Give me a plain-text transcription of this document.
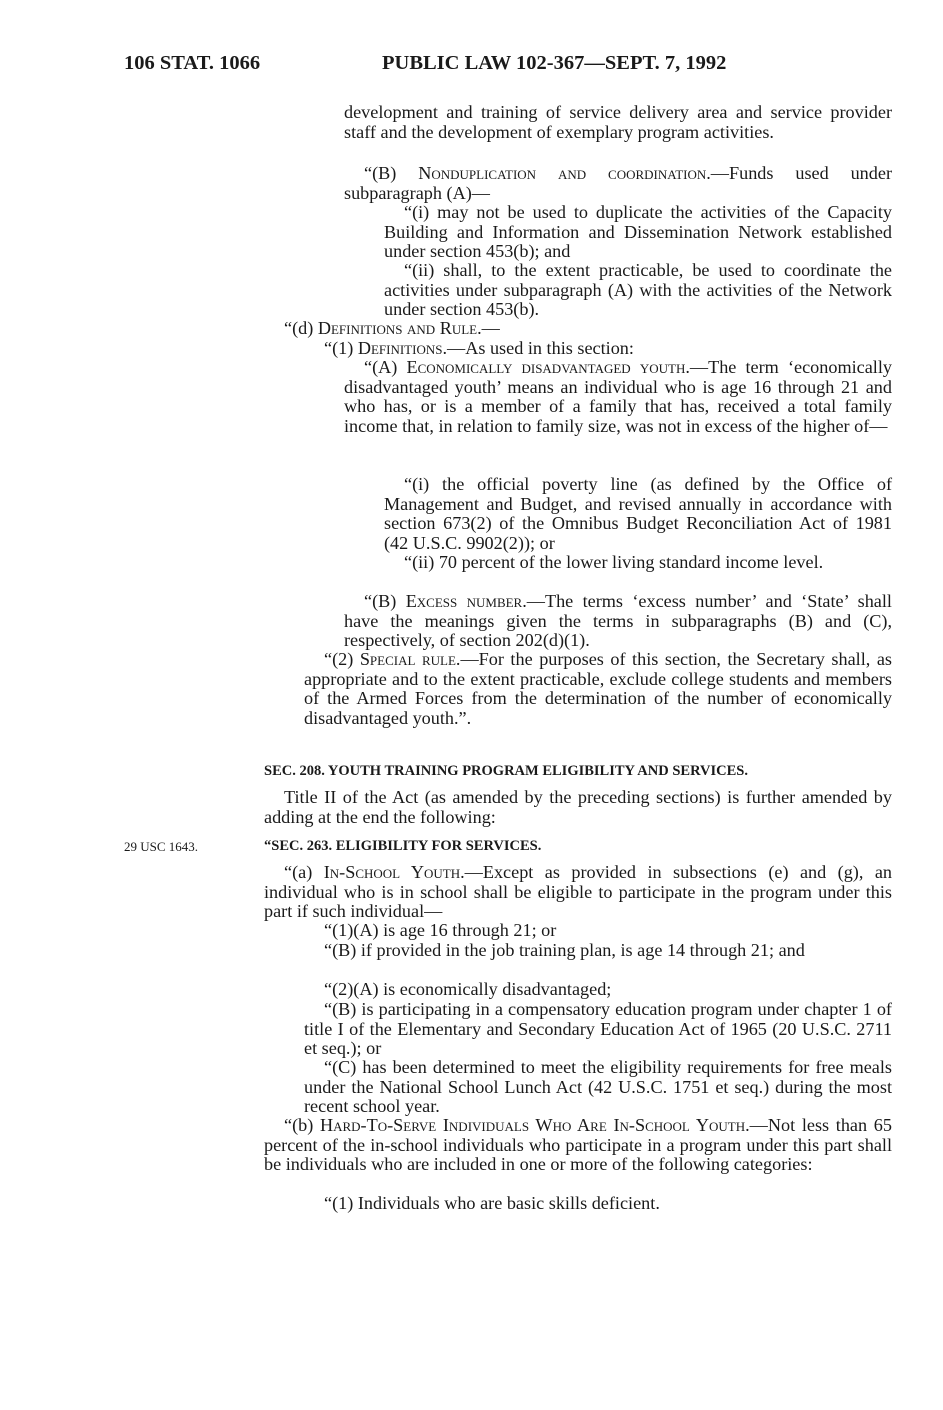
106 STAT. 1066	PUBLIC LAW 102-367—SEPT. 7, 1992

development and training of service delivery area and service provider staff and the development of exemplary program activities.

“(B) Nonduplication and coordination.—Funds used under subparagraph (A)—

“(i) may not be used to duplicate the activities of the Capacity Building and Information and Dissemination Network established under section 453(b); and

“(ii) shall, to the extent practicable, be used to coordinate the activities under subparagraph (A) with the activities of the Network under section 453(b).

“(d) Definitions and Rule.—

“(1) Definitions.—As used in this section:

“(A) Economically disadvantaged youth.—The term ‘economically disadvantaged youth’ means an individual who is age 16 through 21 and who has, or is a member of a family that has, received a total family income that, in relation to family size, was not in excess of the higher of—

“(i) the official poverty line (as defined by the Office of Management and Budget, and revised annually in accordance with section 673(2) of the Omnibus Budget Reconciliation Act of 1981 (42 U.S.C. 9902(2)); or

“(ii) 70 percent of the lower living standard income level.

“(B) Excess number.—The terms ‘excess number’ and ‘State’ shall have the meanings given the terms in subparagraphs (B) and (C), respectively, of section 202(d)(1).

“(2) Special rule.—For the purposes of this section, the Secretary shall, as appropriate and to the extent practicable, exclude college students and members of the Armed Forces from the determination of the number of economically disadvantaged youth.”.

SEC. 208. YOUTH TRAINING PROGRAM ELIGIBILITY AND SERVICES.

Title II of the Act (as amended by the preceding sections) is further amended by adding at the end the following:

29 USC 1643.	“SEC. 263. ELIGIBILITY FOR SERVICES.

“(a) In-School Youth.—Except as provided in subsections (e) and (g), an individual who is in school shall be eligible to participate in the program under this part if such individual—

“(1)(A) is age 16 through 21; or

“(B) if provided in the job training plan, is age 14 through 21; and

“(2)(A) is economically disadvantaged;

“(B) is participating in a compensatory education program under chapter 1 of title I of the Elementary and Secondary Education Act of 1965 (20 U.S.C. 2711 et seq.); or

“(C) has been determined to meet the eligibility requirements for free meals under the National School Lunch Act (42 U.S.C. 1751 et seq.) during the most recent school year.

“(b) Hard-To-Serve Individuals Who Are In-School Youth.—Not less than 65 percent of the in-school individuals who participate in a program under this part shall be individuals who are included in one or more of the following categories:

“(1) Individuals who are basic skills deficient.
